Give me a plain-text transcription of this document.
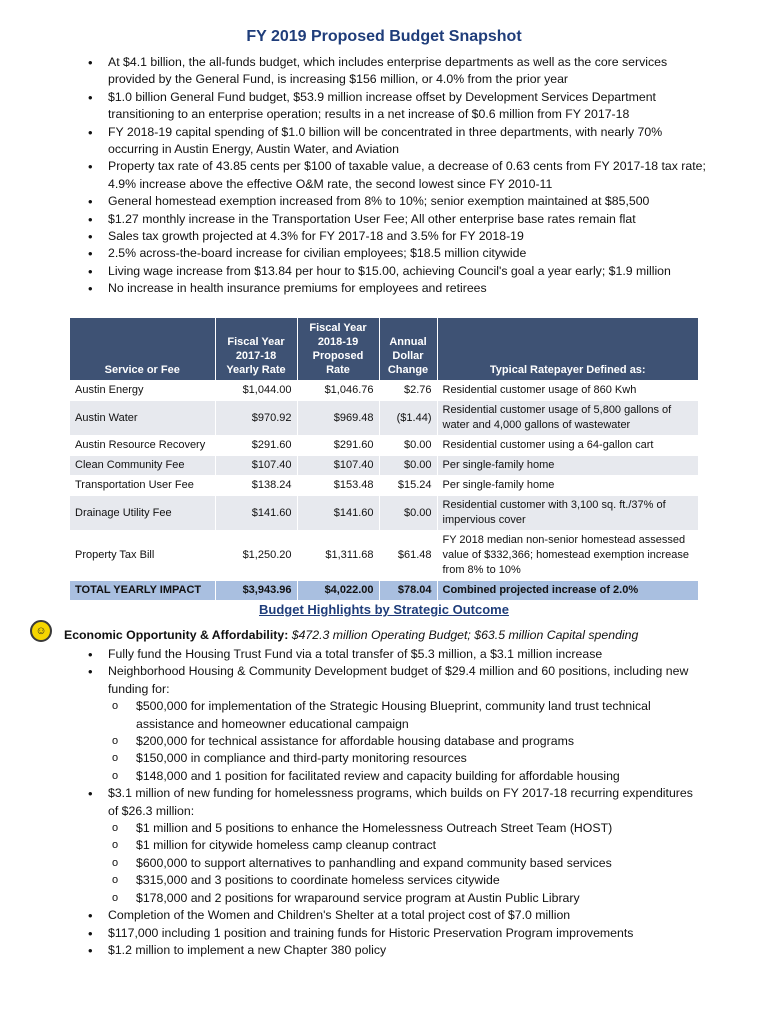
FY 2019 Proposed Budget Snapshot
• At $4.1 billion, the all-funds budget, which includes enterprise departments as well as the core services provided by the General Fund, is increasing $156 million, or 4.0% from the prior year
• $1.0 billion General Fund budget, $53.9 million increase offset by Development Services Department transitioning to an enterprise operation; results in a net increase of $0.6 million from FY 2017-18
• FY 2018-19 capital spending of $1.0 billion will be concentrated in three departments, with nearly 70% occurring in Austin Energy, Austin Water, and Aviation
• Property tax rate of 43.85 cents per $100 of taxable value, a decrease of 0.63 cents from FY 2017-18 tax rate; 4.9% increase above the effective O&M rate, the second lowest since FY 2010-11
• General homestead exemption increased from 8% to 10%; senior exemption maintained at $85,500
• $1.27 monthly increase in the Transportation User Fee; All other enterprise base rates remain flat
• Sales tax growth projected at 4.3% for FY 2017-18 and 3.5% for FY 2018-19
• 2.5% across-the-board increase for civilian employees; $18.5 million citywide
• Living wage increase from $13.84 per hour to $15.00, achieving Council's goal a year early; $1.9 million
• No increase in health insurance premiums for employees and retirees
Service or Fee	Fiscal Year 2017-18 Yearly Rate	Fiscal Year 2018-19 Proposed Rate	Annual Dollar Change	Typical Ratepayer Defined as:
Austin Energy	$1,044.00	$1,046.76	$2.76	Residential customer usage of 860 Kwh
Austin Water	$970.92	$969.48	($1.44)	Residential customer usage of 5,800 gallons of water and 4,000 gallons of wastewater
Austin Resource Recovery	$291.60	$291.60	$0.00	Residential customer using a 64-gallon cart
Clean Community Fee	$107.40	$107.40	$0.00	Per single-family home
Transportation User Fee	$138.24	$153.48	$15.24	Per single-family home
Drainage Utility Fee	$141.60	$141.60	$0.00	Residential customer with 3,100 sq. ft./37% of impervious cover
Property Tax Bill	$1,250.20	$1,311.68	$61.48	FY 2018 median non-senior homestead assessed value of $332,366; homestead exemption increase from 8% to 10%
TOTAL YEARLY IMPACT	$3,943.96	$4,022.00	$78.04	Combined projected increase of 2.0%
Budget Highlights by Strategic Outcome
☺ Economic Opportunity & Affordability: $472.3 million Operating Budget; $63.5 million Capital spending
• Fully fund the Housing Trust Fund via a total transfer of $5.3 million, a $3.1 million increase
• Neighborhood Housing & Community Development budget of $29.4 million and 60 positions, including new funding for:
o $500,000 for implementation of the Strategic Housing Blueprint, community land trust technical assistance and homeowner educational campaign
o $200,000 for technical assistance for affordable housing database and programs
o $150,000 in compliance and third-party monitoring resources
o $148,000 and 1 position for facilitated review and capacity building for affordable housing
• $3.1 million of new funding for homelessness programs, which builds on FY 2017-18 recurring expenditures of $26.3 million:
o $1 million and 5 positions to enhance the Homelessness Outreach Street Team (HOST)
o $1 million for citywide homeless camp cleanup contract
o $600,000 to support alternatives to panhandling and expand community based services
o $315,000 and 3 positions to coordinate homeless services citywide
o $178,000 and 2 positions for wraparound service program at Austin Public Library
• Completion of the Women and Children's Shelter at a total project cost of $7.0 million
• $117,000 including 1 position and training funds for Historic Preservation Program improvements
• $1.2 million to implement a new Chapter 380 policy
